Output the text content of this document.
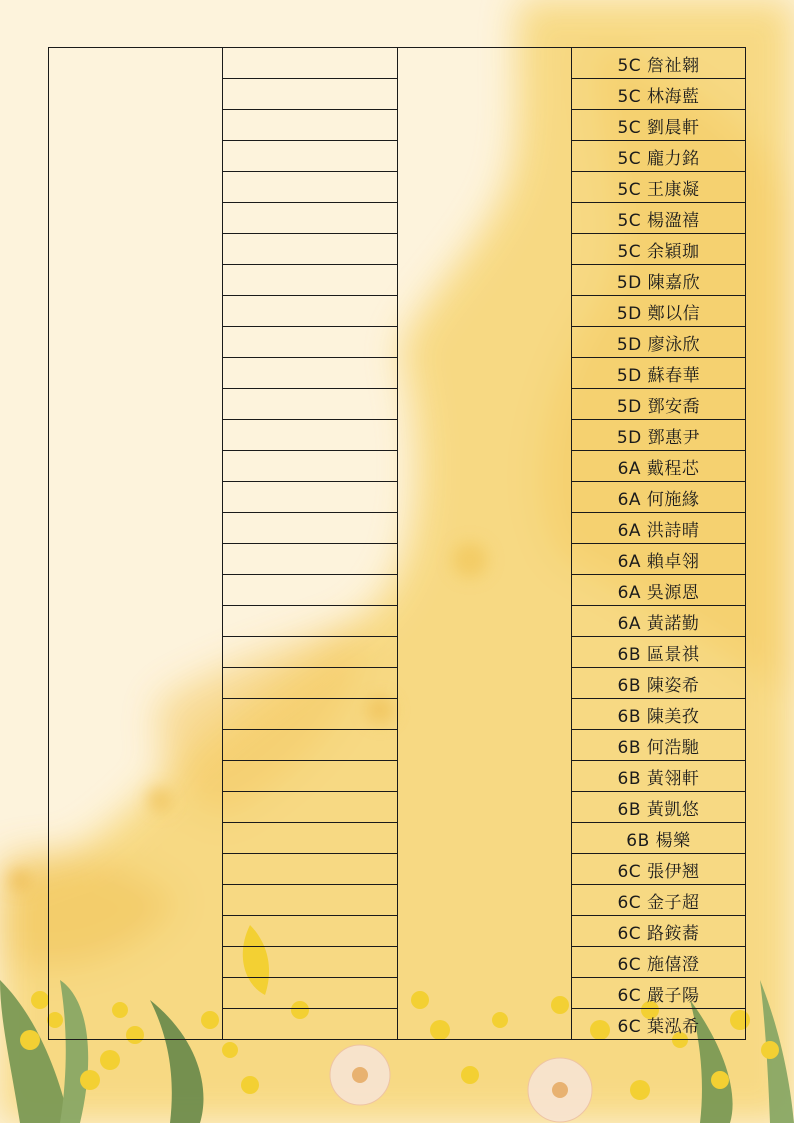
			5C 詹祉翱
			5C 林海藍
			5C 劉晨軒
			5C 龐力銘
			5C 王康凝
			5C 楊溋禧
			5C 余穎珈
			5D 陳嘉欣
			5D 鄭以信
			5D 廖泳欣
			5D 蘇春華
			5D 鄧安喬
			5D 鄧惠尹
			6A 戴程芯
			6A 何施緣
			6A 洪詩晴
			6A 賴卓翎
			6A 吳源恩
			6A 黃諾勤
			6B 區景祺
			6B 陳姿希
			6B 陳美孜
			6B 何浩馳
			6B 黃翎軒
			6B 黃凱悠
			6B 楊樂
			6C 張伊翘
			6C 金子超
			6C 路銨蕎
			6C 施僖澄
			6C 嚴子陽
			6C 葉泓希
